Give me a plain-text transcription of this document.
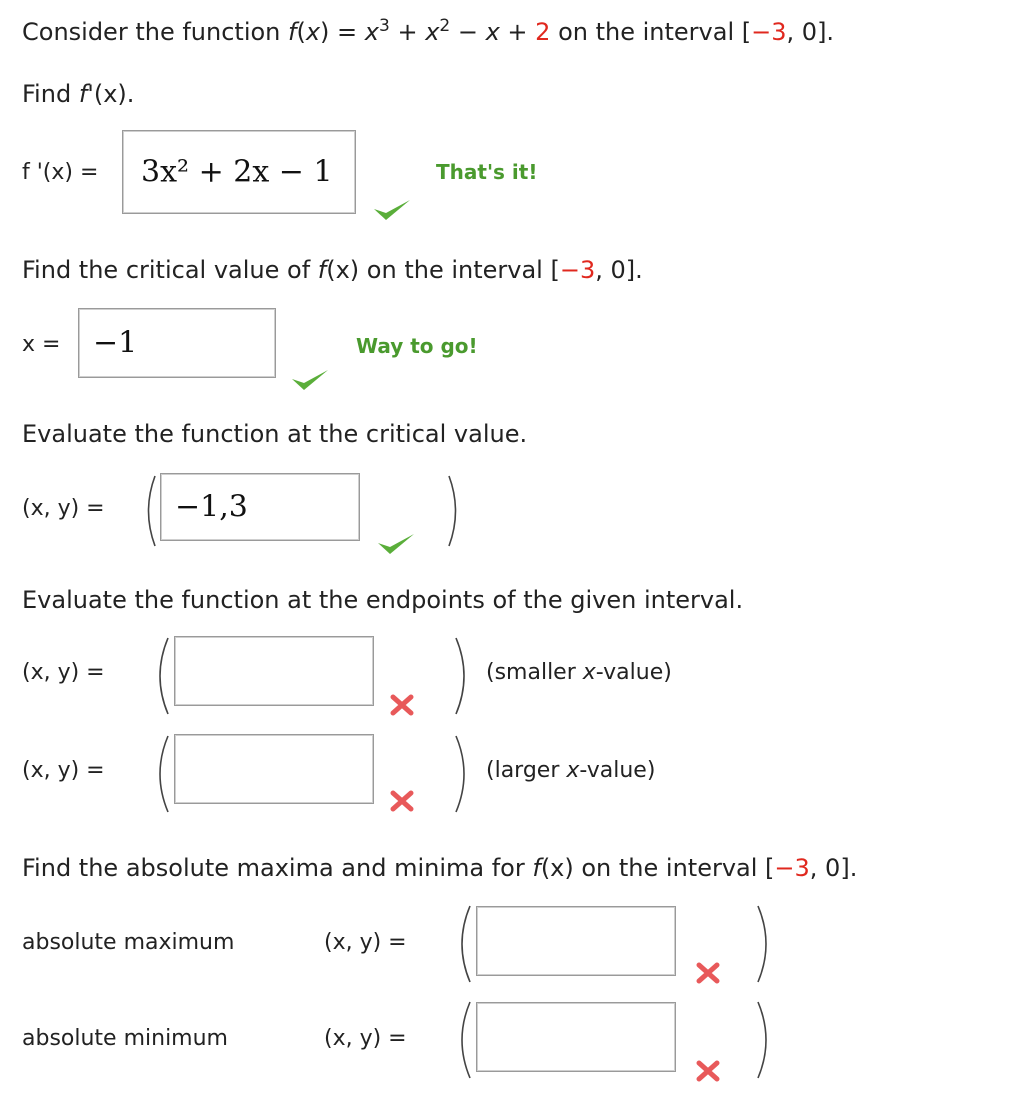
Consider the function $f(x) = x^3 + x^2 - x + 2$ on the interval [−3, 0].
Find f'(x).
f '(x) = 3x² + 2x − 1	That's it!
Find the critical value of f(x) on the interval [−3, 0].
x = −1	Way to go!
Evaluate the function at the critical value.
(x, y) = −1,3
Evaluate the function at the endpoints of the given interval.
(x, y) =	(smaller x-value)
(x, y) =	(larger x-value)
Find the absolute maxima and minima for f(x) on the interval [−3, 0].
absolute maximum	(x, y) =
absolute minimum	(x, y) =
